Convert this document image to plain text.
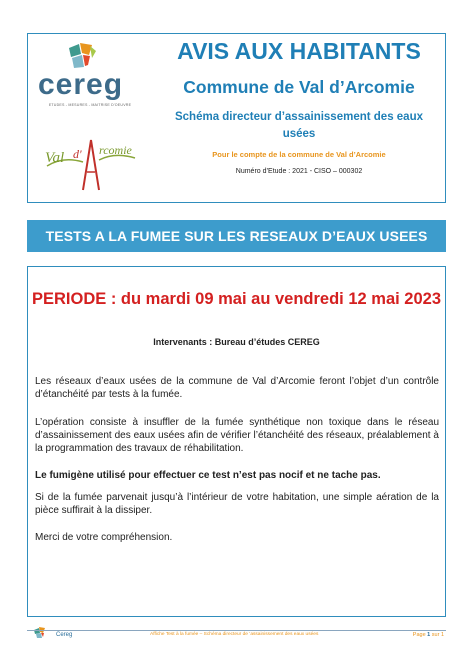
cereg
ETUDES - MESURES - MAITRISE D'OEUVRE
Val d' rcomie
AVIS AUX HABITANTS
Commune de Val d’Arcomie
Schéma directeur d’assainissement des eaux
usées
Pour le compte de la commune de Val d’Arcomie
Numéro d’Etude : 2021 - CISO – 000302
TESTS A LA FUMEE SUR LES RESEAUX D’EAUX USEES
PERIODE : du mardi 09 mai au vendredi 12 mai 2023
Intervenants : Bureau d’études CEREG
Les réseaux d’eaux usées de la commune de Val d’Arcomie feront l’objet d’un contrôle d’étanchéité par tests à la fumée.
L’opération consiste à insuffler de la fumée synthétique non toxique dans le réseau d’assainissement des eaux usées afin de vérifier l’étanchéité des réseaux, préalablement à la programmation des travaux de réhabilitation.
Le fumigène utilisé pour effectuer ce test n’est pas nocif et ne tache pas.
Si de la fumée parvenait jusqu’à l’intérieur de votre habitation, une simple aération de la pièce suffirait à la dissiper.
Merci de votre compréhension.
Cereg	Affiche Test à la fumée – Schéma directeur de ‘assainissement des eaux usées	Page 1 sur 1
